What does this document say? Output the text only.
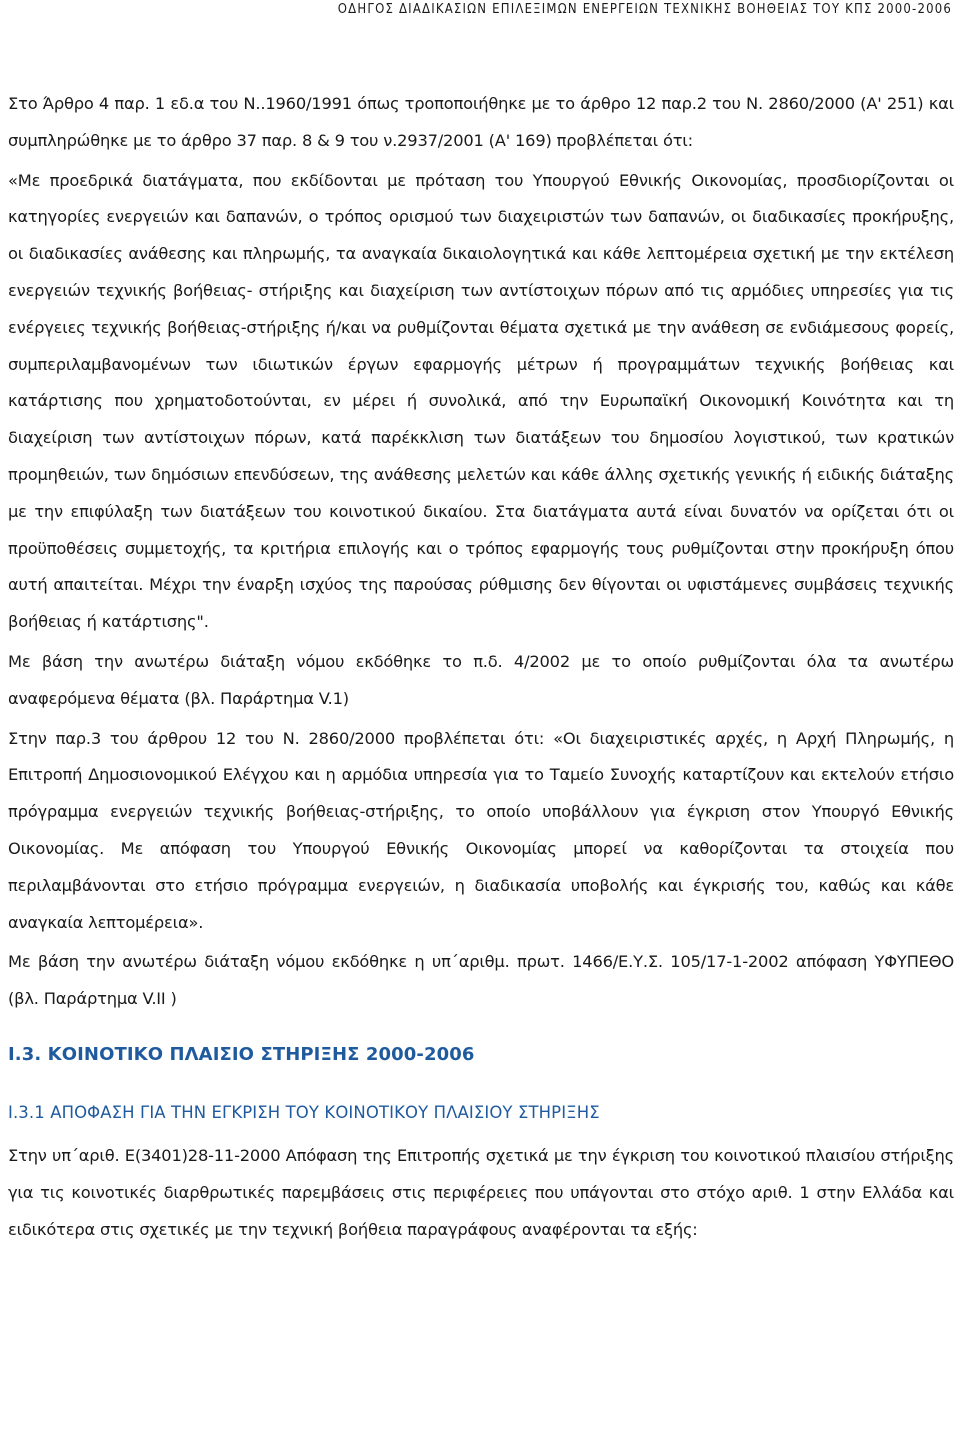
ΟΔΗΓΟΣ ΔΙΑΔΙΚΑΣΙΩΝ ΕΠΙΛΕΞΙΜΩΝ ΕΝΕΡΓΕΙΩΝ ΤΕΧΝΙΚΗΣ ΒΟΗΘΕΙΑΣ ΤΟΥ ΚΠΣ 2000-2006

Στο Άρθρο 4 παρ. 1 εδ.α του Ν..1960/1991 όπως τροποποιήθηκε με το άρθρο 12 παρ.2 του Ν. 2860/2000 (Α' 251) και συμπληρώθηκε με το άρθρο 37 παρ. 8 & 9 του ν.2937/2001 (Α' 169) προβλέπεται ότι:

«Με προεδρικά διατάγματα, που εκδίδονται με πρόταση του Υπουργού Εθνικής Οικονομίας, προσδιορίζονται οι κατηγορίες ενεργειών και δαπανών, ο τρόπος ορισμού των διαχειριστών των δαπανών, οι διαδικασίες προκήρυξης, οι διαδικασίες ανάθεσης και πληρωμής, τα αναγκαία δικαιολογητικά και κάθε λεπτομέρεια σχετική με την εκτέλεση ενεργειών τεχνικής βοήθειας- στήριξης και διαχείριση των αντίστοιχων πόρων από τις αρμόδιες υπηρεσίες για τις ενέργειες τεχνικής βοήθειας-στήριξης ή/και να ρυθμίζονται θέματα σχετικά με την ανάθεση σε ενδιάμεσους φορείς, συμπεριλαμβανομένων των ιδιωτικών έργων εφαρμογής μέτρων ή προγραμμάτων τεχνικής βοήθειας και κατάρτισης που χρηματοδοτούνται, εν μέρει ή συνολικά, από την Ευρωπαϊκή Οικονομική Κοινότητα και τη διαχείριση των αντίστοιχων πόρων, κατά παρέκκλιση των διατάξεων του δημοσίου λογιστικού, των κρατικών προμηθειών, των δημόσιων επενδύσεων, της ανάθεσης μελετών και κάθε άλλης σχετικής γενικής ή ειδικής διάταξης με την επιφύλαξη των διατάξεων του κοινοτικού δικαίου. Στα διατάγματα αυτά είναι δυνατόν να ορίζεται ότι οι προϋποθέσεις συμμετοχής, τα κριτήρια επιλογής και ο τρόπος εφαρμογής τους ρυθμίζονται στην προκήρυξη όπου αυτή απαιτείται. Μέχρι την έναρξη ισχύος της παρούσας ρύθμισης δεν θίγονται οι υφιστάμενες συμβάσεις τεχνικής βοήθειας ή κατάρτισης".

Με βάση την ανωτέρω διάταξη νόμου εκδόθηκε το π.δ. 4/2002 με το οποίο ρυθμίζονται όλα τα ανωτέρω αναφερόμενα θέματα (βλ. Παράρτημα V.1)

Στην παρ.3 του άρθρου 12 του Ν. 2860/2000 προβλέπεται ότι: «Οι διαχειριστικές αρχές, η Αρχή Πληρωμής, η Επιτροπή Δημοσιονομικού Ελέγχου και η αρμόδια υπηρεσία για το Ταμείο Συνοχής καταρτίζουν και εκτελούν ετήσιο πρόγραμμα ενεργειών τεχνικής βοήθειας-στήριξης, το οποίο υποβάλλουν για έγκριση στον Υπουργό Εθνικής Οικονομίας. Με απόφαση του Υπουργού Εθνικής Οικονομίας μπορεί να καθορίζονται τα στοιχεία που περιλαμβάνονται στο ετήσιο πρόγραμμα ενεργειών, η διαδικασία υποβολής και έγκρισής του, καθώς και κάθε αναγκαία λεπτομέρεια».

Με βάση την ανωτέρω διάταξη νόμου εκδόθηκε η υπ΄αριθμ. πρωτ. 1466/Ε.Υ.Σ. 105/17-1-2002 απόφαση ΥΦΥΠΕΘΟ (βλ. Παράρτημα V.II )

I.3. ΚΟΙΝΟΤΙΚΟ ΠΛΑΙΣΙΟ ΣΤΗΡΙΞΗΣ 2000-2006
I.3.1 ΑΠΟΦΑΣΗ ΓΙΑ ΤΗΝ ΕΓΚΡΙΣΗ ΤΟΥ ΚΟΙΝΟΤΙΚΟΥ ΠΛΑΙΣΙΟΥ ΣΤΗΡΙΞΗΣ

Στην υπ΄αριθ. Ε(3401)28-11-2000 Απόφαση της Επιτροπής σχετικά με την έγκριση του κοινοτικού πλαισίου στήριξης για τις κοινοτικές διαρθρωτικές παρεμβάσεις στις περιφέρειες που υπάγονται στο στόχο αριθ. 1 στην Ελλάδα και ειδικότερα στις σχετικές με την τεχνική βοήθεια παραγράφους αναφέρονται τα εξής:
